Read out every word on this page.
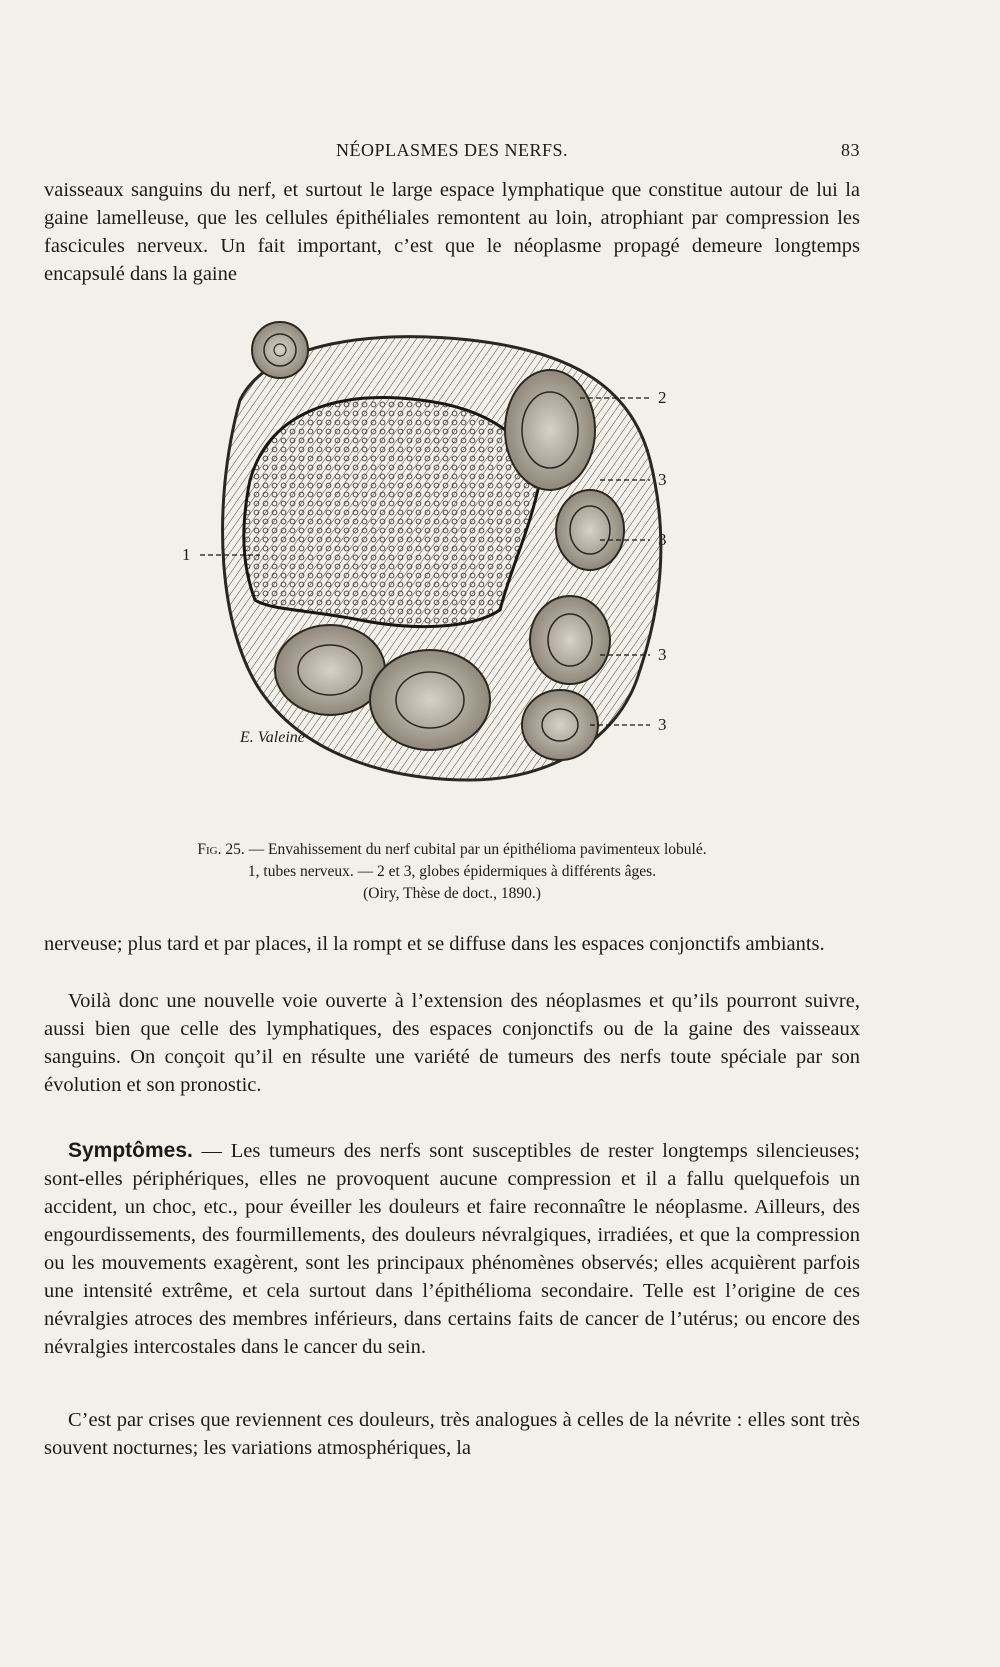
NÉOPLASMES DES NERFS.	83
vaisseaux sanguins du nerf, et surtout le large espace lymphatique que constitue autour de lui la gaine lamelleuse, que les cellules épithéliales remontent au loin, atrophiant par compression les fascicules nerveux. Un fait important, c’est que le néoplasme propagé demeure longtemps encapsulé dans la gaine
1
2
3
3
3
3
E. Valeine
Fig. 25. — Envahissement du nerf cubital par un épithélioma pavimenteux lobulé.
1, tubes nerveux. — 2 et 3, globes épidermiques à différents âges.
(Oiry, Thèse de doct., 1890.)
nerveuse; plus tard et par places, il la rompt et se diffuse dans les espaces conjonctifs ambiants.
Voilà donc une nouvelle voie ouverte à l’extension des néoplasmes et qu’ils pourront suivre, aussi bien que celle des lymphatiques, des espaces conjonctifs ou de la gaine des vaisseaux sanguins. On conçoit qu’il en résulte une variété de tumeurs des nerfs toute spéciale par son évolution et son pronostic.
Symptômes. — Les tumeurs des nerfs sont susceptibles de rester longtemps silencieuses; sont-elles périphériques, elles ne provoquent aucune compression et il a fallu quelquefois un accident, un choc, etc., pour éveiller les douleurs et faire reconnaître le néoplasme. Ailleurs, des engourdissements, des fourmillements, des douleurs névralgiques, irradiées, et que la compression ou les mouvements exagèrent, sont les principaux phénomènes observés; elles acquièrent parfois une intensité extrême, et cela surtout dans l’épithélioma secondaire. Telle est l’origine de ces névralgies atroces des membres inférieurs, dans certains faits de cancer de l’utérus; ou encore des névralgies intercostales dans le cancer du sein.
C’est par crises que reviennent ces douleurs, très analogues à celles de la névrite : elles sont très souvent nocturnes; les variations atmosphériques, la
